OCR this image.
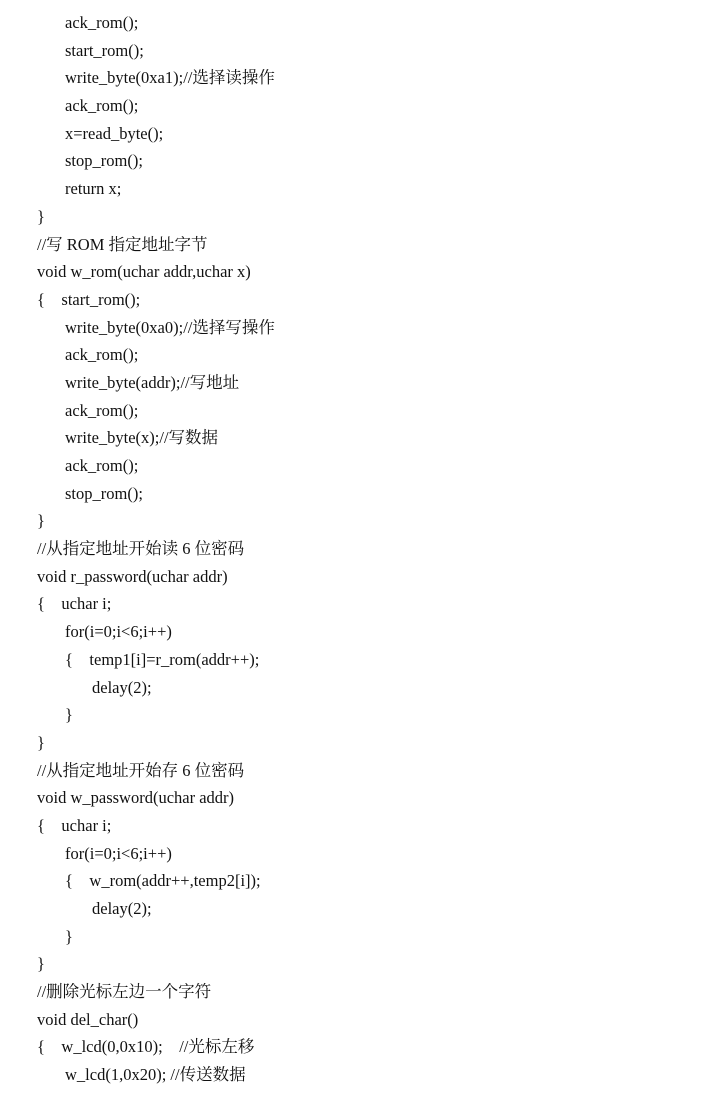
ack_rom();
start_rom();
write_byte(0xa1);//选择读操作
ack_rom();
x=read_byte();
stop_rom();
return x;
}
//写 ROM 指定地址字节
void w_rom(uchar addr,uchar x)
{    start_rom();
write_byte(0xa0);//选择写操作
ack_rom();
write_byte(addr);//写地址
ack_rom();
write_byte(x);//写数据
ack_rom();
stop_rom();
}
//从指定地址开始读 6 位密码
void r_password(uchar addr)
{    uchar i;
for(i=0;i<6;i++)
{    temp1[i]=r_rom(addr++);
delay(2);
}
}
//从指定地址开始存 6 位密码
void w_password(uchar addr)
{    uchar i;
for(i=0;i<6;i++)
{    w_rom(addr++,temp2[i]);
delay(2);
}
}
//删除光标左边一个字符
void del_char()
{    w_lcd(0,0x10);    //光标左移
w_lcd(1,0x20); //传送数据
